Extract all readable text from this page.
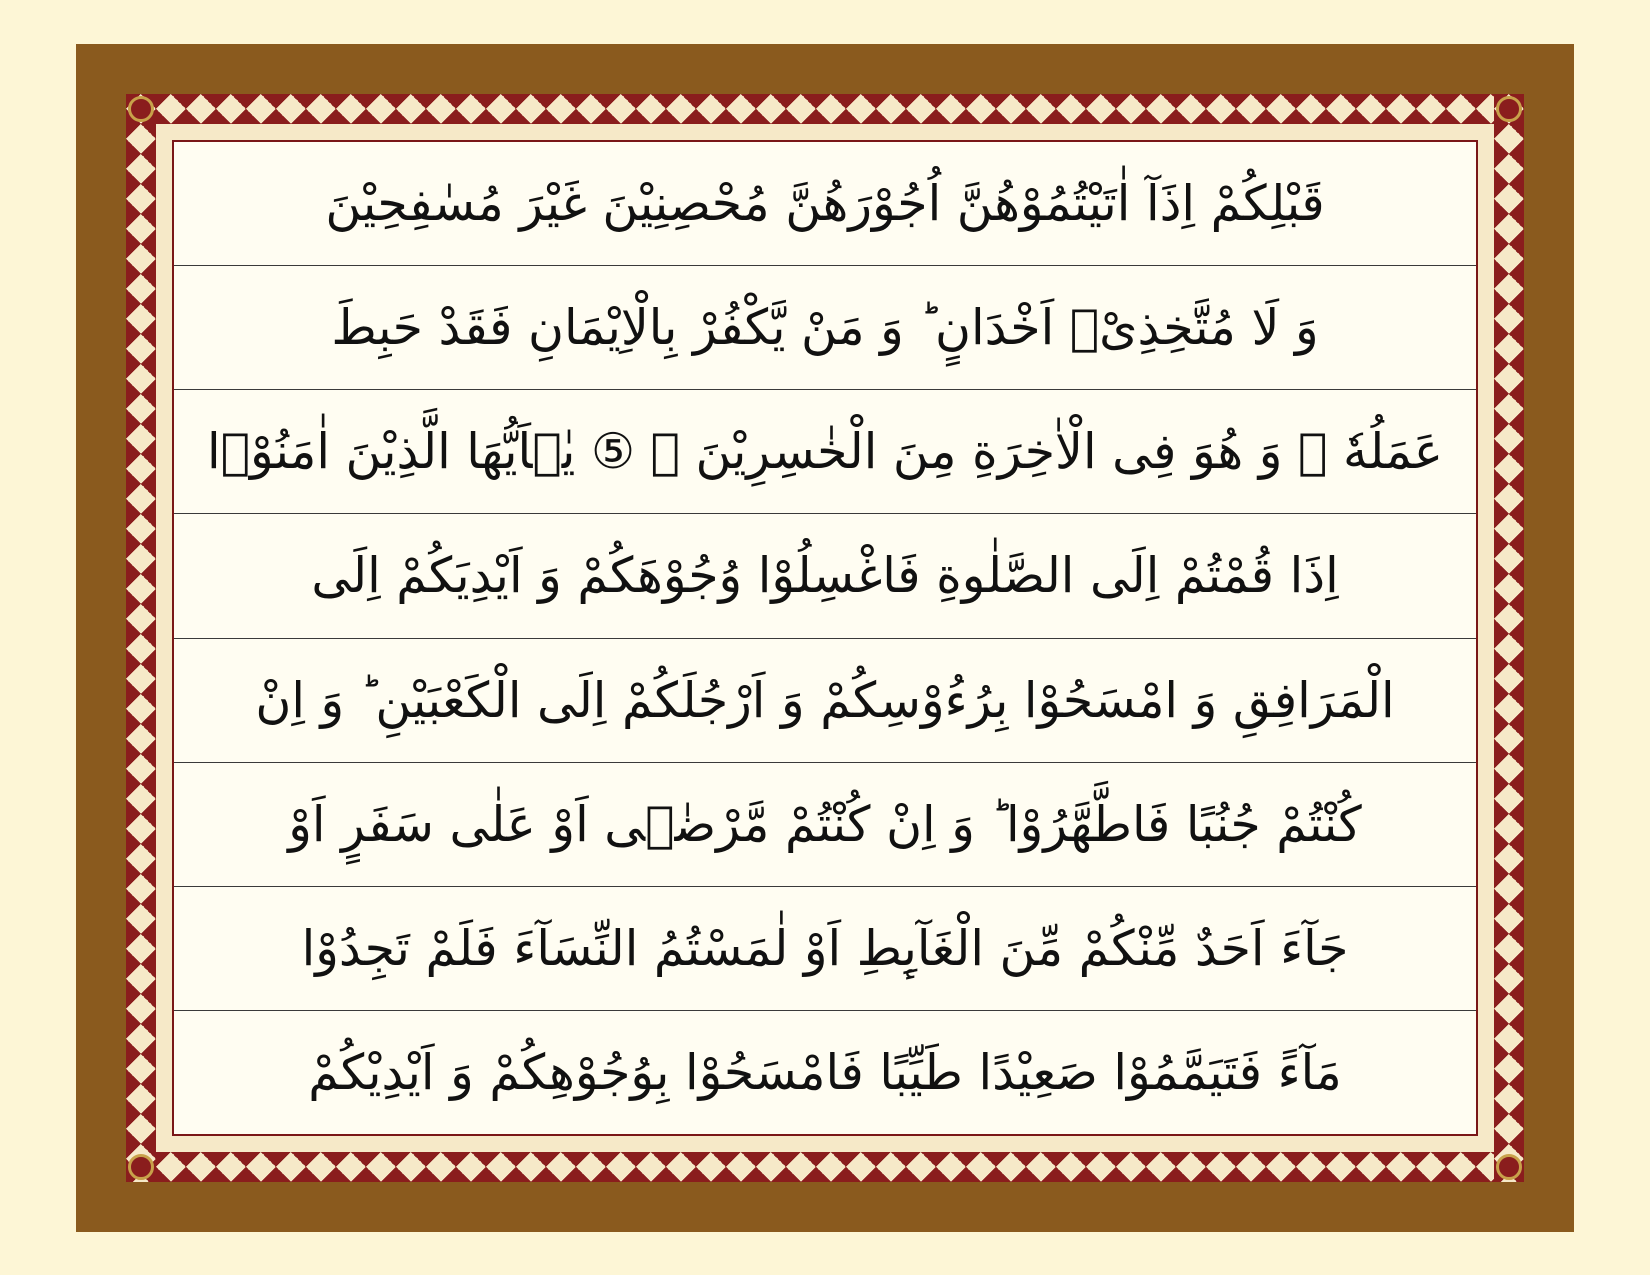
قَبْلِكُمْ اِذَآ اٰتَیْتُمُوْهُنَّ اُجُوْرَهُنَّ مُحْصِنِیْنَ غَیْرَ مُسٰفِحِیْنَ
وَ لَا مُتَّخِذِیْۤ اَخْدَانٍ ؕ وَ مَنْ یَّكْفُرْ بِالْاِیْمَانِ فَقَدْ حَبِطَ
عَمَلُهٗ ۖ وَ هُوَ فِی الْاٰخِرَةِ مِنَ الْخٰسِرِیْنَ ۠ ⑤ یٰۤاَیُّهَا الَّذِیْنَ اٰمَنُوْۤا
اِذَا قُمْتُمْ اِلَی الصَّلٰوةِ فَاغْسِلُوْا وُجُوْهَكُمْ وَ اَیْدِیَكُمْ اِلَی
الْمَرَافِقِ وَ امْسَحُوْا بِرُءُوْسِكُمْ وَ اَرْجُلَكُمْ اِلَی الْكَعْبَیْنِ ؕ وَ اِنْ
كُنْتُمْ جُنُبًا فَاطَّهَّرُوْا ؕ وَ اِنْ كُنْتُمْ مَّرْضٰۤی اَوْ عَلٰی سَفَرٍ اَوْ
جَآءَ اَحَدٌ مِّنْكُمْ مِّنَ الْغَآىِٕطِ اَوْ لٰمَسْتُمُ النِّسَآءَ فَلَمْ تَجِدُوْا
مَآءً فَتَیَمَّمُوْا صَعِیْدًا طَیِّبًا فَامْسَحُوْا بِوُجُوْهِكُمْ وَ اَیْدِیْكُمْ
